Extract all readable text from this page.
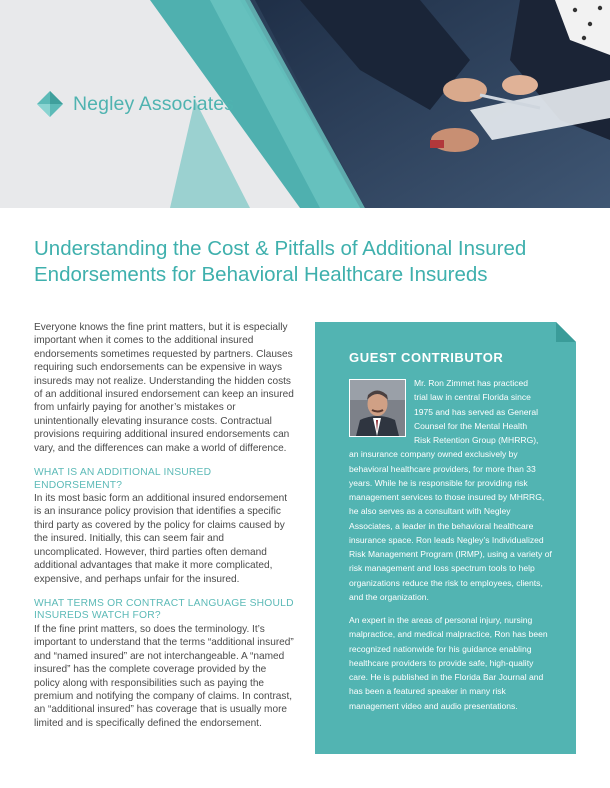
Negley Associates
Understanding the Cost & Pitfalls of Additional Insured Endorsements for Behavioral Healthcare Insureds

Everyone knows the fine print matters, but it is especially important when it comes to the additional insured endorsements sometimes requested by partners. Clauses requiring such endorsements can be expensive in ways insureds may not realize. Understanding the hidden costs of an additional insured endorsement can keep an insured from unfairly paying for another’s mistakes or unintentionally elevating insurance costs. Contractual provisions requiring additional insured endorsements can vary, and the differences can make a world of difference.

WHAT IS AN ADDITIONAL INSURED ENDORSEMENT?

In its most basic form an additional insured endorsement is an insurance policy provision that identifies a specific third party as covered by the policy for claims caused by the insured. Initially, this can seem fair and uncomplicated. However, third parties often demand additional advantages that make it more complicated, expensive, and perhaps unfair for the insured.

WHAT TERMS OR CONTRACT LANGUAGE SHOULD INSUREDS WATCH FOR?

If the fine print matters, so does the terminology. It’s important to understand that the terms “additional insured” and “named insured” are not interchangeable. A “named insured” has the complete coverage provided by the policy along with responsibilities such as paying the premium and notifying the company of claims. In contrast, an “additional insured” has coverage that is usually more limited and is specifically defined the endorsement.

GUEST CONTRIBUTOR

Mr. Ron Zimmet has practiced
trial law in central Florida since
1975 and has served as General
Counsel for the Mental Health
Risk Retention Group (MHRRG),
an insurance company owned exclusively by behavioral healthcare providers, for more than 33 years. While he is responsible for providing risk management services to those insured by MHRRG, he also serves as a consultant with Negley Associates, a leader in the behavioral healthcare insurance space. Ron leads Negley’s Individualized Risk Management Program (IRMP), using a variety of risk management and loss spectrum tools to help organizations reduce the risk to employees, clients, and the organization.

An expert in the areas of personal injury, nursing malpractice, and medical malpractice, Ron has been recognized nationwide for his guidance enabling healthcare providers to provide safe, high-quality care. He is published in the Florida Bar Journal and has been a featured speaker in many risk management video and audio presentations.
